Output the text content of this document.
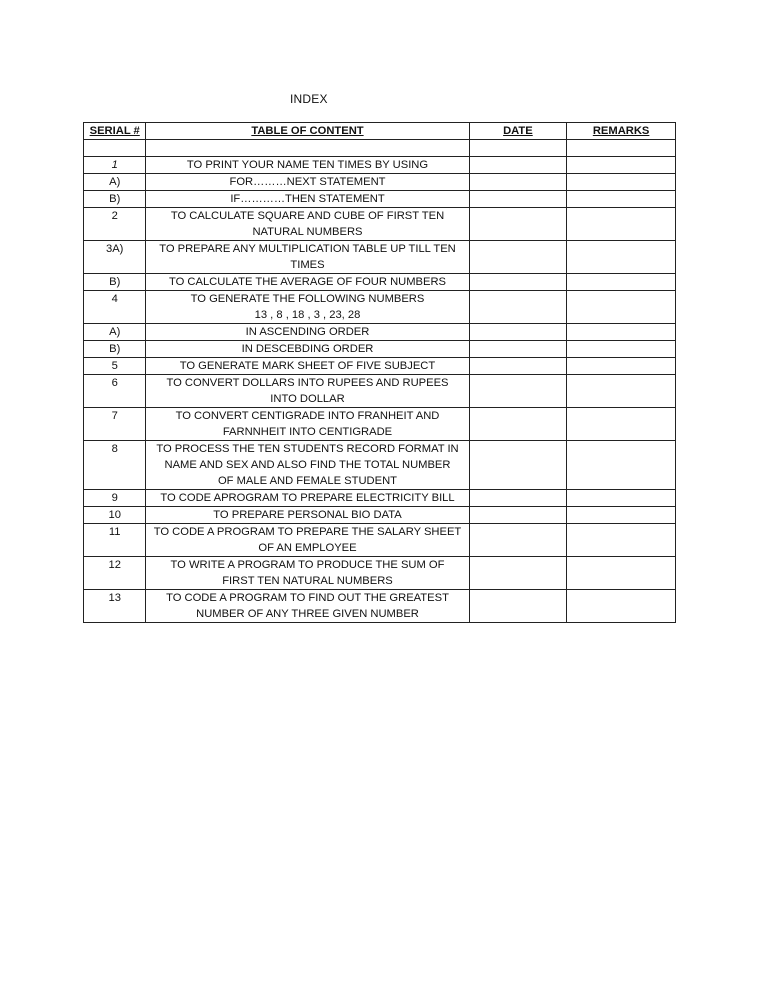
INDEX
SERIAL #	TABLE OF CONTENT	DATE	REMARKS

1	TO PRINT YOUR NAME TEN TIMES BY USING		

A)	FOR………NEXT STATEMENT		

B)	IF…………THEN STATEMENT		

2	TO CALCULATE SQUARE AND CUBE OF FIRST TEN
NATURAL NUMBERS		

3A)	TO PREPARE ANY MULTIPLICATION TABLE UP TILL TEN
TIMES		

B)	TO CALCULATE THE AVERAGE OF FOUR NUMBERS		

4	TO GENERATE THE FOLLOWING NUMBERS
13 , 8 , 18 , 3 , 23, 28		

A)	IN ASCENDING ORDER		

B)	IN DESCEBDING ORDER		

5	TO GENERATE MARK SHEET OF FIVE SUBJECT		

6	TO CONVERT DOLLARS INTO RUPEES AND RUPEES
INTO DOLLAR		

7	TO CONVERT CENTIGRADE INTO FRANHEIT AND
FARNNHEIT INTO CENTIGRADE		

8	TO PROCESS THE TEN STUDENTS RECORD FORMAT IN
NAME AND SEX AND ALSO FIND THE TOTAL NUMBER
OF MALE AND FEMALE STUDENT		

9	TO CODE APROGRAM TO PREPARE ELECTRICITY BILL		

10	TO PREPARE PERSONAL BIO DATA		

11	TO CODE A PROGRAM TO PREPARE THE SALARY SHEET
OF AN EMPLOYEE		

12	TO WRITE A PROGRAM TO PRODUCE THE SUM OF
FIRST TEN NATURAL NUMBERS		

13	TO CODE A PROGRAM TO FIND OUT THE GREATEST
NUMBER OF ANY THREE GIVEN NUMBER		
